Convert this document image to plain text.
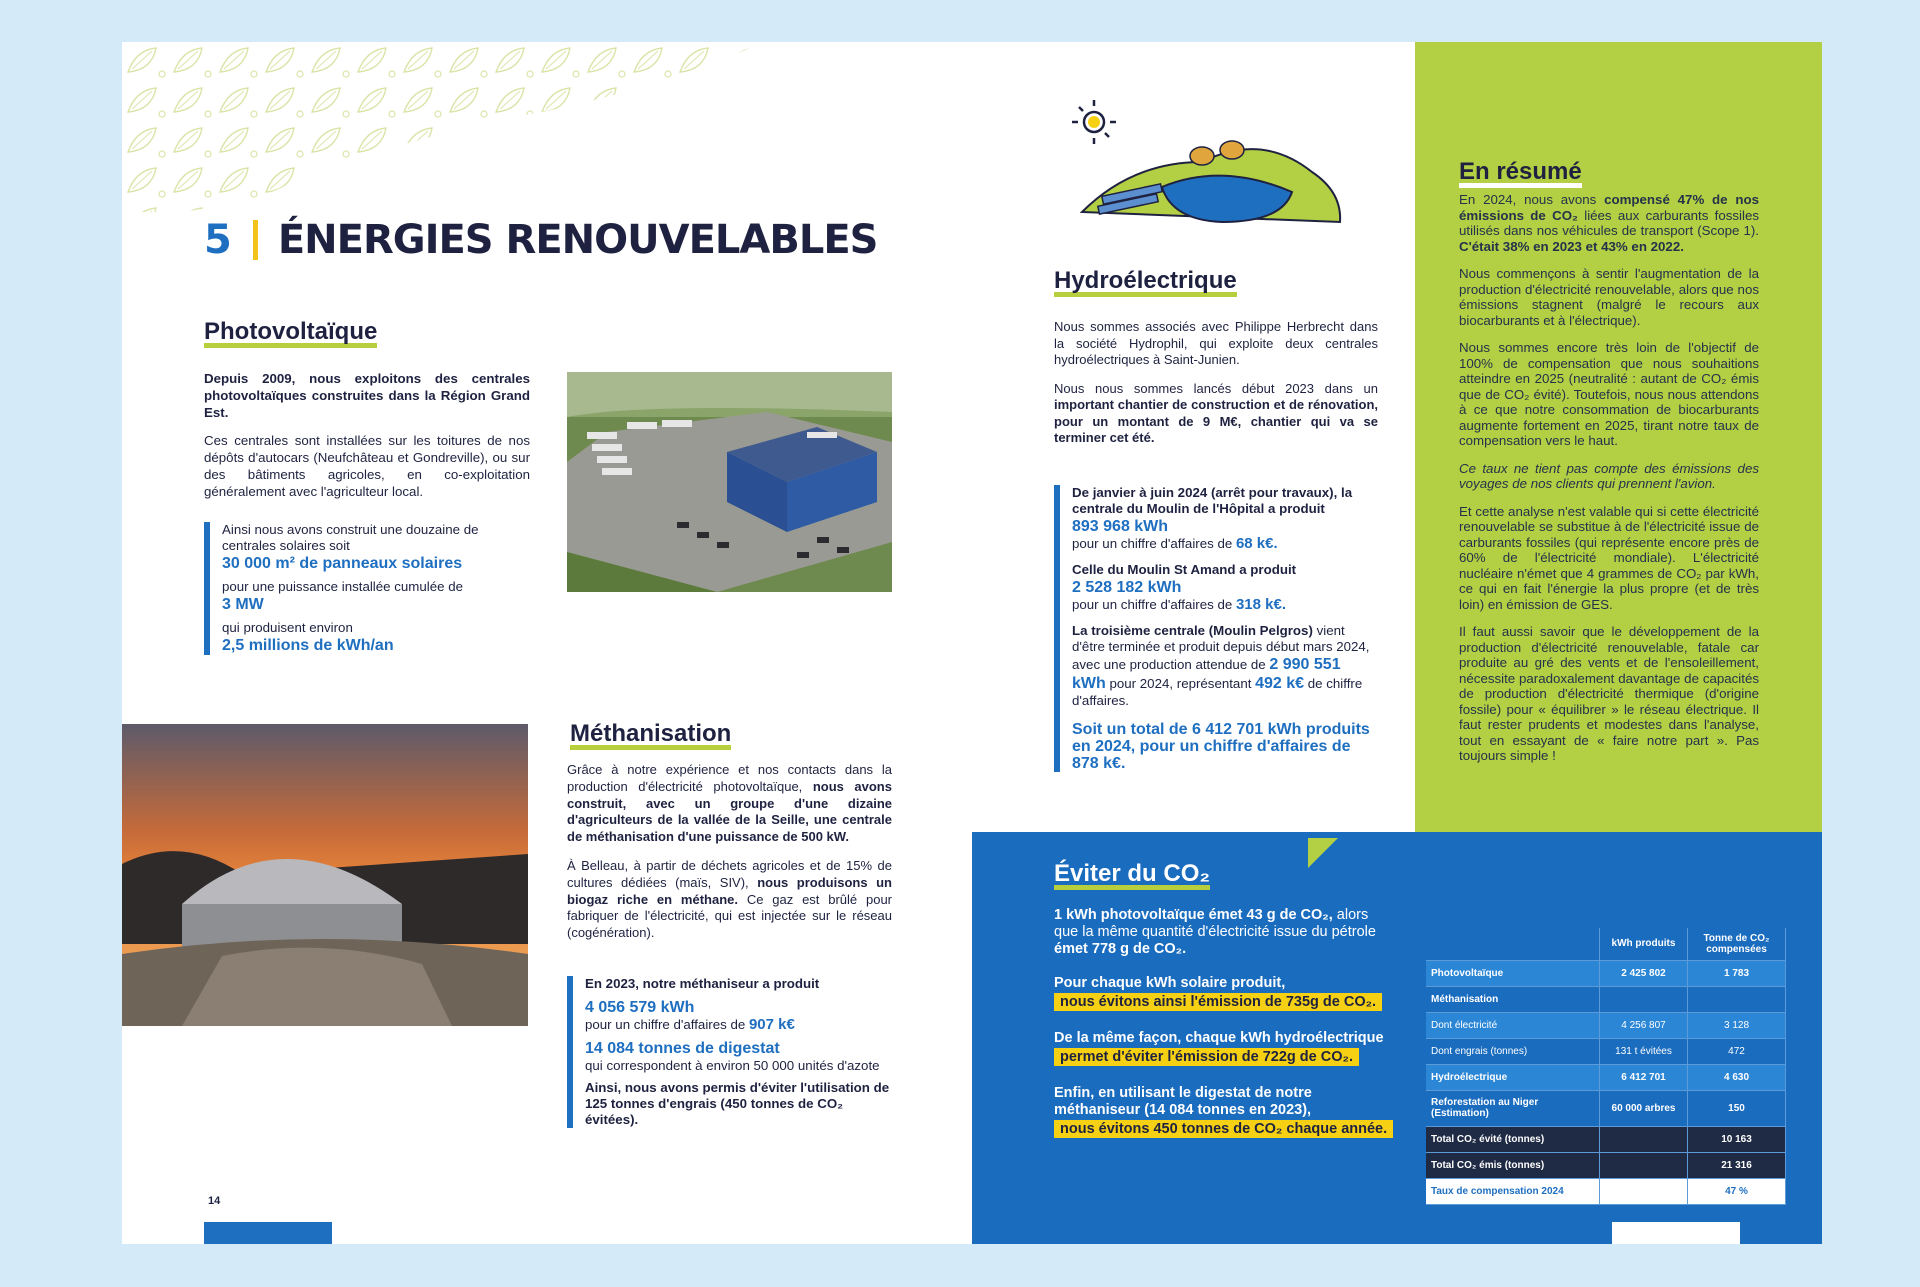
5 ÉNERGIES RENOUVELABLES
Photovoltaïque

Depuis 2009, nous exploitons des centrales photovoltaïques construites dans la Région Grand Est.

Ces centrales sont installées sur les toitures de nos dépôts d'autocars (Neufchâteau et Gondreville), ou sur des bâtiments agricoles, en co-exploitation généralement avec l'agriculteur local.

Ainsi nous avons construit une douzaine de centrales solaires soit
30 000 m² de panneaux solaires
pour une puissance installée cumulée de
3 MW
qui produisent environ
2,5 millions de kWh/an
Méthanisation

Grâce à notre expérience et nos contacts dans la production d'électricité photovoltaïque, nous avons construit, avec un groupe d'une dizaine d'agriculteurs de la vallée de la Seille, une centrale de méthanisation d'une puissance de 500 kW.

À Belleau, à partir de déchets agricoles et de 15% de cultures dédiées (maïs, SIV), nous produisons un biogaz riche en méthane. Ce gaz est brûlé pour fabriquer de l'électricité, qui est injectée sur le réseau (cogénération).

En 2023, notre méthaniseur a produit
4 056 579 kWh
pour un chiffre d'affaires de 907 k€
14 084 tonnes de digestat
qui correspondent à environ 50 000 unités d'azote
Ainsi, nous avons permis d'éviter l'utilisation de 125 tonnes d'engrais (450 tonnes de CO₂ évitées).
14
Hydroélectrique

Nous sommes associés avec Philippe Herbrecht dans la société Hydrophil, qui exploite deux centrales hydroélectriques à Saint-Junien.

Nous nous sommes lancés début 2023 dans un important chantier de construction et de rénovation, pour un montant de 9 M€, chantier qui va se terminer cet été.

De janvier à juin 2024 (arrêt pour travaux), la centrale du Moulin de l'Hôpital a produit
893 968 kWh
pour un chiffre d'affaires de 68 k€.
Celle du Moulin St Amand a produit
2 528 182 kWh
pour un chiffre d'affaires de 318 k€.
La troisième centrale (Moulin Pelgros) vient d'être terminée et produit depuis début mars 2024, avec une production attendue de 2 990 551 kWh pour 2024, représentant 492 k€ de chiffre d'affaires.
Soit un total de 6 412 701 kWh produits en 2024, pour un chiffre d'affaires de 878 k€.
En résumé

En 2024, nous avons compensé 47% de nos émissions de CO₂ liées aux carburants fossiles utilisés dans nos véhicules de transport (Scope 1). C'était 38% en 2023 et 43% en 2022.

Nous commençons à sentir l'augmentation de la production d'électricité renouvelable, alors que nos émissions stagnent (malgré le recours aux biocarburants et à l'électrique).

Nous sommes encore très loin de l'objectif de 100% de compensation que nous souhaitions atteindre en 2025 (neutralité : autant de CO₂ émis que de CO₂ évité). Toutefois, nous nous attendons à ce que notre consommation de biocarburants augmente fortement en 2025, tirant notre taux de compensation vers le haut.

Ce taux ne tient pas compte des émissions des voyages de nos clients qui prennent l'avion.

Et cette analyse n'est valable qui si cette électricité renouvelable se substitue à de l'électricité issue de carburants fossiles (qui représente encore près de 60% de l'électricité mondiale). L'électricité nucléaire n'émet que 4 grammes de CO₂ par kWh, ce qui en fait l'énergie la plus propre (et de très loin) en émission de GES.

Il faut aussi savoir que le développement de la production d'électricité renouvelable, fatale car produite au gré des vents et de l'ensoleillement, nécessite paradoxalement davantage de capacités de production d'électricité thermique (d'origine fossile) pour « équilibrer » le réseau électrique. Il faut rester prudents et modestes dans l'analyse, tout en essayant de « faire notre part ». Pas toujours simple !

Éviter du CO₂
1 kWh photovoltaïque émet 43 g de CO₂, alors que la même quantité d'électricité issue du pétrole émet 778 g de CO₂.
Pour chaque kWh solaire produit,
nous évitons ainsi l'émission de 735g de CO₂.
De la même façon, chaque kWh hydroélectrique
permet d'éviter l'émission de 722g de CO₂.
Enfin, en utilisant le digestat de notre méthaniseur (14 084 tonnes en 2023),
nous évitons 450 tonnes de CO₂ chaque année.
	kWh produits	Tonne de CO₂ compensées
Photovoltaïque	2 425 802	1 783
Méthanisation		
Dont électricité	4 256 807	3 128
Dont engrais (tonnes)	131 t évitées	472
Hydroélectrique	6 412 701	4 630
Reforestation au Niger (Estimation)	60 000 arbres	150
Total CO₂ évité (tonnes)		10 163
Total CO₂ émis (tonnes)		21 316
Taux de compensation 2024		47 %
15
